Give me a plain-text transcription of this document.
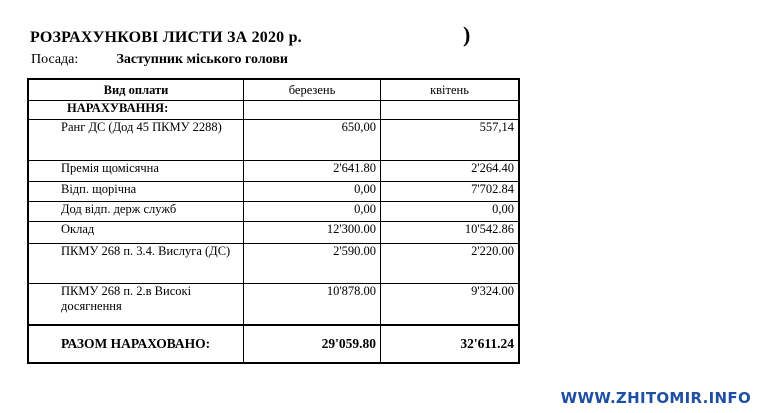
РОЗРАХУНКОВІ ЛИСТИ ЗА 2020 р.	)
Посада:	Заступник міського голови
Вид оплати	березень	квітень
НАРАХУВАННЯ:		
Ранг ДС (Дод 45 ПКМУ 2288)	650,00	557,14
Премія щомісячна	2'641.80	2'264.40
Відп. щорічна	0,00	7'702.84
Дод відп. держ служб	0,00	0,00
Оклад	12'300.00	10'542.86
ПКМУ 268 п. 3.4. Вислуга (ДС)	2'590.00	2'220.00
ПКМУ 268 п. 2.в Високі досягнення	10'878.00	9'324.00
РАЗОМ НАРАХОВАНО:	29'059.80	32'611.24
WWW.ZHITOMIR.INFO
